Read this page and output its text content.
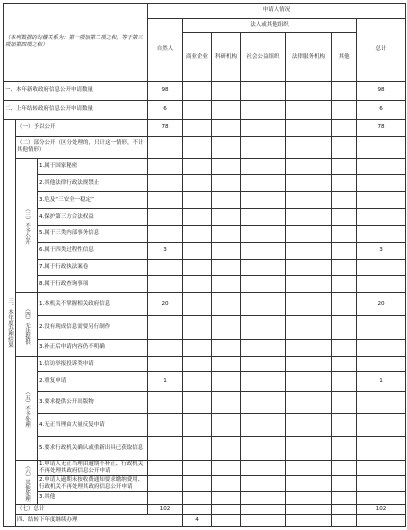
（本列数据的勾稽关系为：第一项加第二项之和，等于第三项加第四项之和）			申请人情况							
			自然人	法人或其他组织					总计	
				商业企业	科研机构	社会公益组织	法律服务机构	其他		
一、本年新收政府信息公开申请数量			98						98	
二、上年结转政府信息公开申请数量			6						6	
三、本年度办理结果	（一）予以公开		78						78	
	（二）部分公开（区分处理的，只计这一情形，不计其他情形）									
	（三）不予公开	1.属于国家秘密								
		2.其他法律行政法规禁止								
		3.危及“三安全一稳定”								
		4.保护第三方合法权益								
		5.属于三类内部事务信息								
		6.属于四类过程性信息	3						3	
		7.属于行政执法案卷								
		8.属于行政查询事项								
	（四）无法提供	1.本机关不掌握相关政府信息	20						20	
		2.没有现成信息需要另行制作								
		3.补正后申请内容仍不明确								
	（五）不予处理	1.信访举报投诉类申请								
		2.重复申请	1						1	
		3.要求提供公开出版物								
		4.无正当理由大量反复申请								
		5.要求行政机关确认或重新出具已获取信息								
	（六）其他处理	1.申请人无正当理由逾期不补正、行政机关不再处理其政府信息公开申请								
		2.申请人逾期未按收费通知要求缴纳费用、行政机关不再处理其政府信息公开申请								
		3.其他								
	（七）总计		102						102	
	四、结转下年度继续办理			4						
